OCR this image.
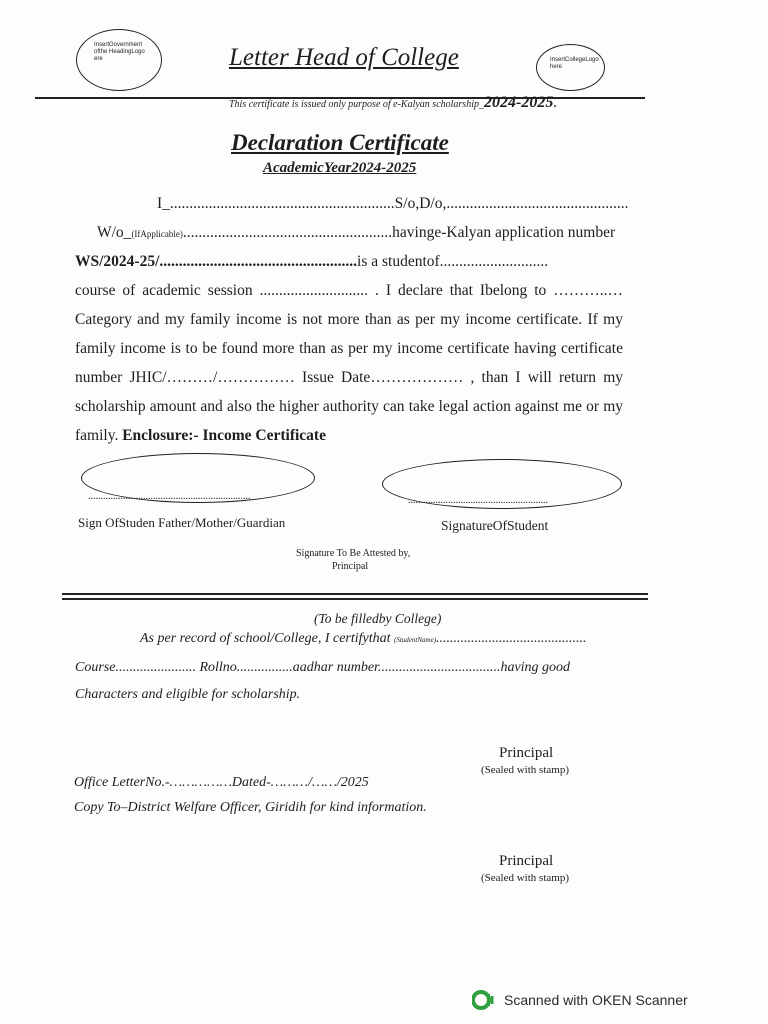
InsertGovernment ofthe HeadingLogo ere	Letter Head of College	InsertCollegeLogo here
This certificate is issued only purpose of e-Kalyan scholarship_2024-2025.
Declaration Certificate
AcademicYear2024-2025
I_..........................................................S/o,D/o,...............................................
W/o_(IfApplicable)......................................................havinge-Kalyan application number
WS/2024-25/...................................................is a studentof............................
course of academic session ............................ . I declare that Ibelong to ………..…
Category and my family income is not more than as per my income certificate. If my
family income is to be found more than as per my income certificate having certificate
number JHIC/………/…………… Issue Date……………… , than I will return my
scholarship amount and also the higher authority can take legal action against me or my
family. Enclosure:- Income Certificate
.................................................................	........................................................
Sign OfStuden Father/Mother/Guardian	SignatureOfStudent
Signature To Be Attested by,
Principal
(To be filledby College)
As per record of school/College, I certifythat (StudentName)...........................................
Course....................... Rollno................aadhar number...................................having good
Characters and eligible for scholarship.
Principal
(Sealed with stamp)
Office LetterNo.-……………Dated-………/……/2025
Copy To–District Welfare Officer, Giridih for kind information.
Principal
(Sealed with stamp)
Scanned with OKEN Scanner
